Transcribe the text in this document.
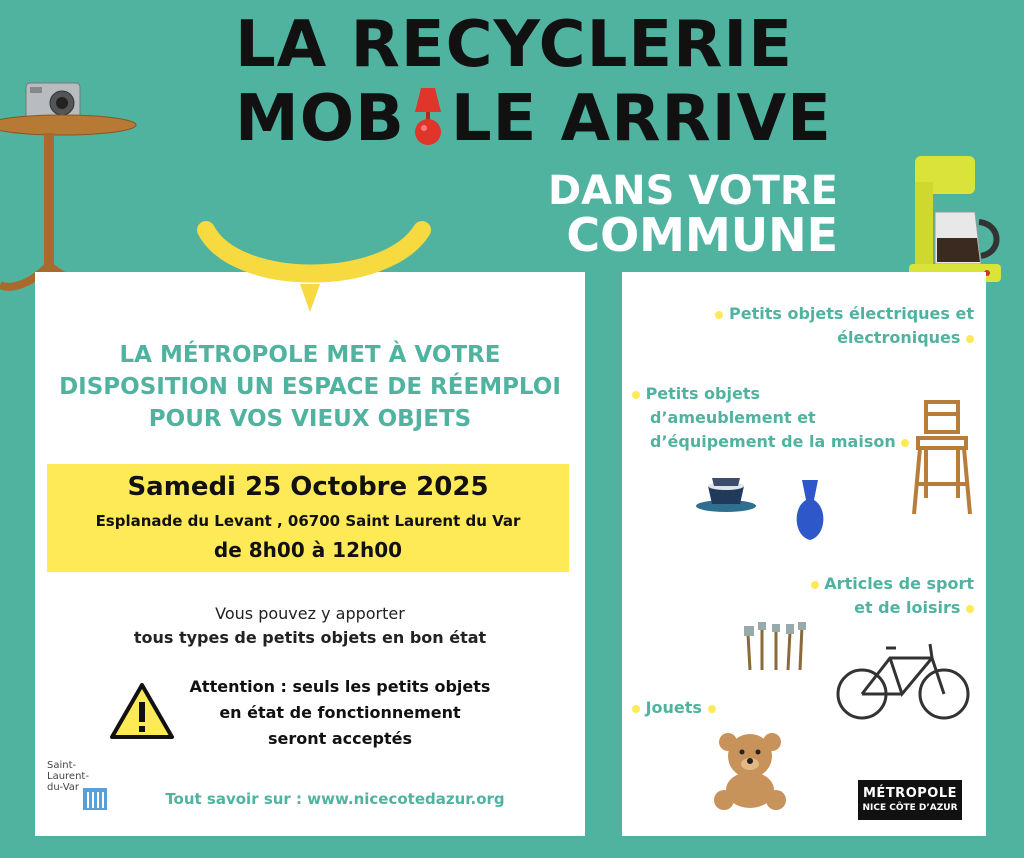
LA RECYCLERIE
MOB LE ARRIVE
DANS VOTRE
COMMUNE
LA MÉTROPOLE MET À VOTRE
DISPOSITION UN ESPACE DE RÉEMPLOI
POUR VOS VIEUX OBJETS
Samedi 25 Octobre 2025
Esplanade du Levant , 06700 Saint Laurent du Var
de 8h00 à 12h00
Vous pouvez y apporter
tous types de petits objets en bon état
Attention : seuls les petits objets
en état de fonctionnement
seront acceptés
Saint-
Laurent-
du-Var
Tout savoir sur : www.nicecotedazur.org
Petits objets électriques et
électroniques
Petits objets
d’ameublement et
d’équipement de la maison
Articles de sport
et de loisirs
Jouets
MÉTROPOLE
NICE CÔTE D’AZUR
